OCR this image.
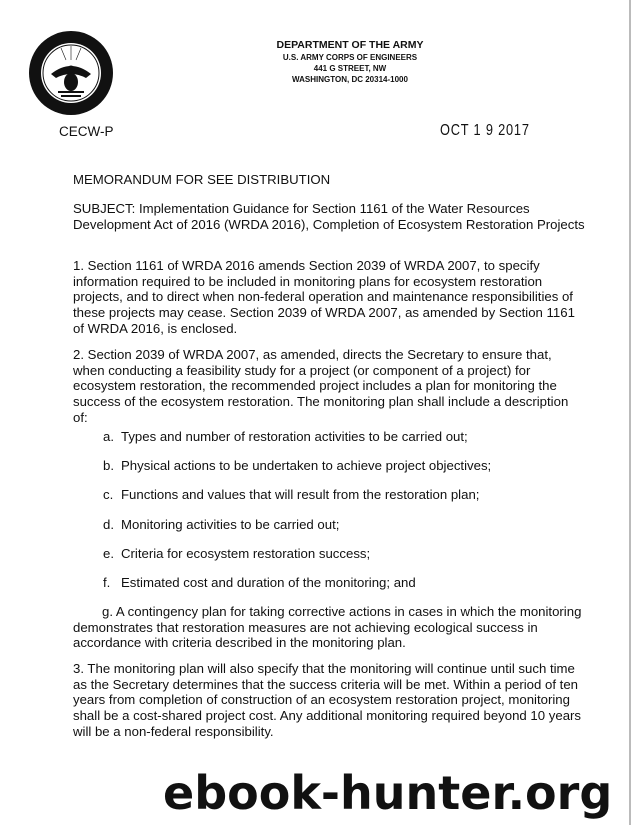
DEPARTMENT OF THE ARMY
U.S. ARMY CORPS OF ENGINEERS
441 G STREET, NW
WASHINGTON, DC 20314-1000
CECW-P	OCT 1 9 2017
MEMORANDUM FOR SEE DISTRIBUTION
SUBJECT: Implementation Guidance for Section 1161 of the Water Resources
Development Act of 2016 (WRDA 2016), Completion of Ecosystem Restoration Projects
1. Section 1161 of WRDA 2016 amends Section 2039 of WRDA 2007, to specify
information required to be included in monitoring plans for ecosystem restoration
projects, and to direct when non-federal operation and maintenance responsibilities of
these projects may cease. Section 2039 of WRDA 2007, as amended by Section 1161
of WRDA 2016, is enclosed.
2. Section 2039 of WRDA 2007, as amended, directs the Secretary to ensure that,
when conducting a feasibility study for a project (or component of a project) for
ecosystem restoration, the recommended project includes a plan for monitoring the
success of the ecosystem restoration. The monitoring plan shall include a description
of:
a. Types and number of restoration activities to be carried out;
b. Physical actions to be undertaken to achieve project objectives;
c. Functions and values that will result from the restoration plan;
d. Monitoring activities to be carried out;
e. Criteria for ecosystem restoration success;
f. Estimated cost and duration of the monitoring; and
g. A contingency plan for taking corrective actions in cases in which the monitoring
demonstrates that restoration measures are not achieving ecological success in
accordance with criteria described in the monitoring plan.
3. The monitoring plan will also specify that the monitoring will continue until such time
as the Secretary determines that the success criteria will be met. Within a period of ten
years from completion of construction of an ecosystem restoration project, monitoring
shall be a cost-shared project cost. Any additional monitoring required beyond 10 years
will be a non-federal responsibility.
ebook-hunter.org
